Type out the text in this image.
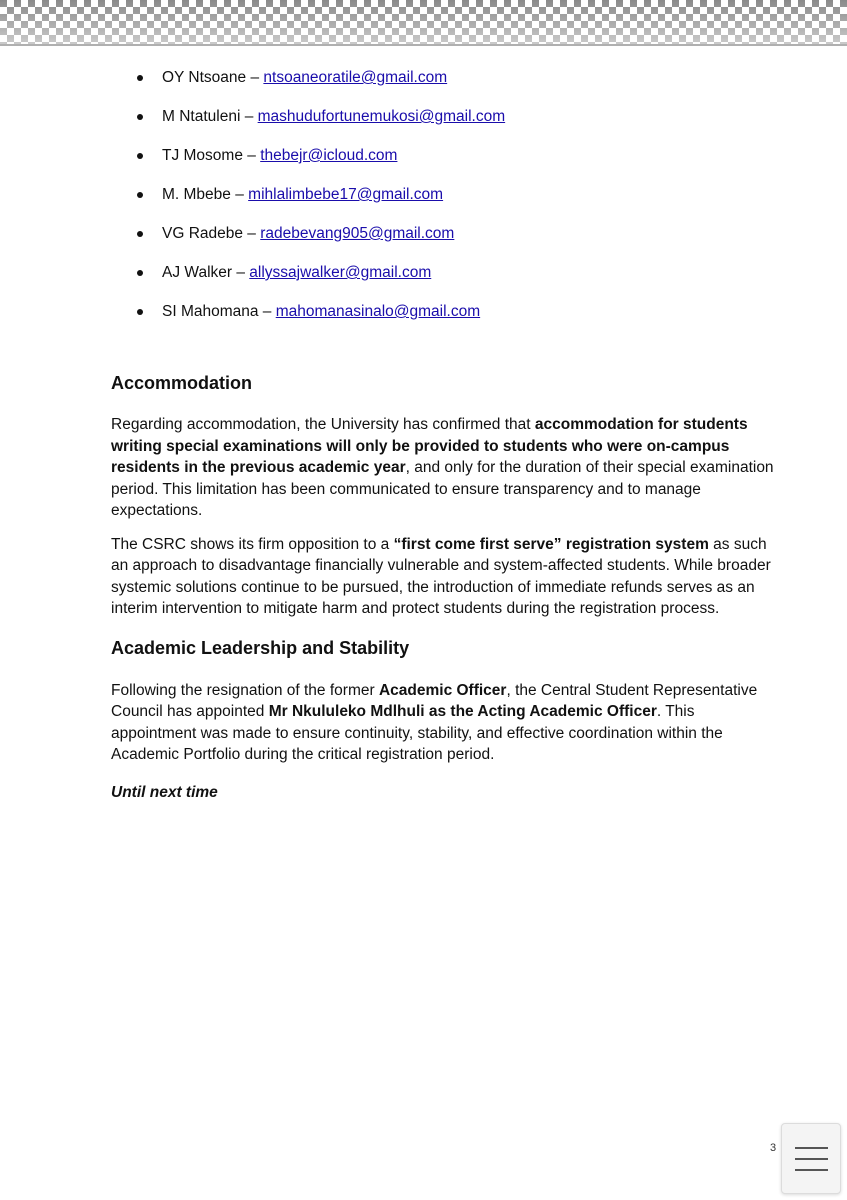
OY Ntsoane – ntsoaneoratile@gmail.com
M Ntatuleni – mashudufortunemukosi@gmail.com
TJ Mosome – thebejr@icloud.com
M. Mbebe – mihlalimbebe17@gmail.com
VG Radebe – radebevang905@gmail.com
AJ Walker – allyssajwalker@gmail.com
SI Mahomana – mahomanasinalo@gmail.com
Accommodation

Regarding accommodation, the University has confirmed that accommodation for students writing special examinations will only be provided to students who were on-campus residents in the previous academic year, and only for the duration of their special examination period. This limitation has been communicated to ensure transparency and to manage expectations.

The CSRC shows its firm opposition to a “first come first serve” registration system as such an approach to disadvantage financially vulnerable and system-affected students. While broader systemic solutions continue to be pursued, the introduction of immediate refunds serves as an interim intervention to mitigate harm and protect students during the registration process.

Academic Leadership and Stability

Following the resignation of the former Academic Officer, the Central Student Representative Council has appointed Mr Nkululeko Mdlhuli as the Acting Academic Officer. This appointment was made to ensure continuity, stability, and effective coordination within the Academic Portfolio during the critical registration period.

Until next time

3
